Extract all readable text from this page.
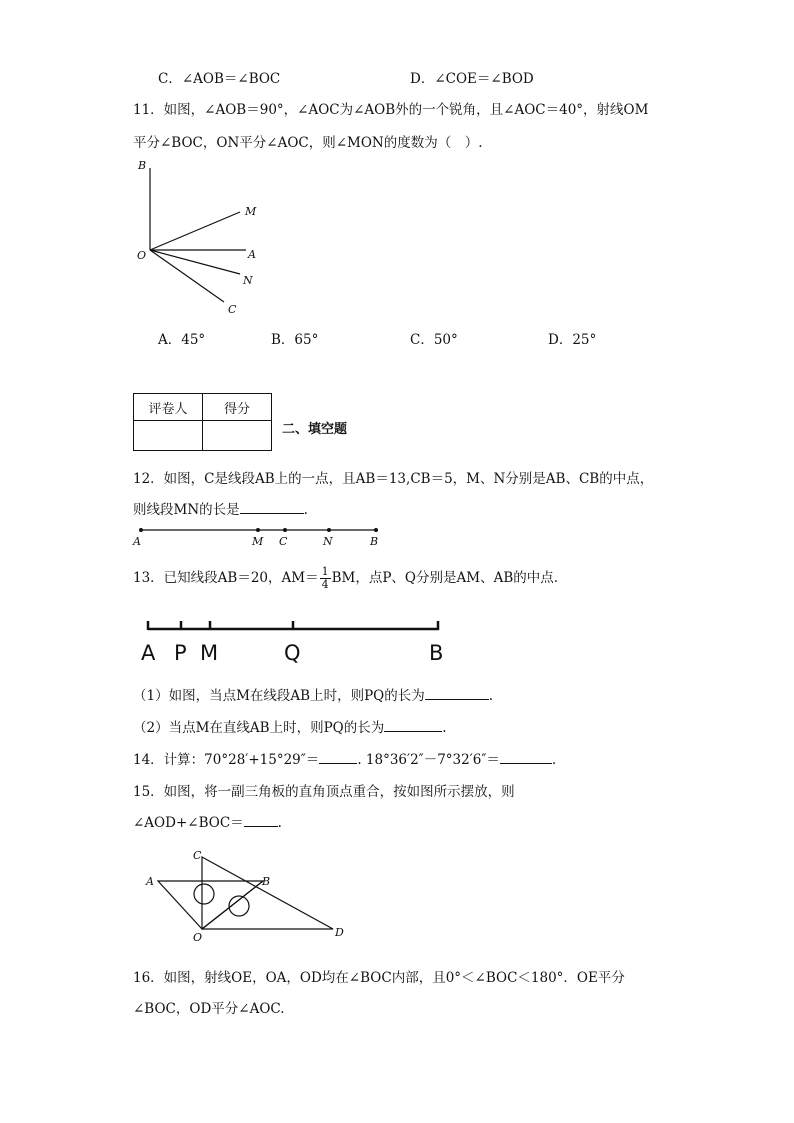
C．∠AOB＝∠BOC	D．∠COE＝∠BOD
11．如图，∠AOB＝90°，∠AOC为∠AOB外的一个锐角，且∠AOC＝40°，射线OM
平分∠BOC，ON平分∠AOC，则∠MON的度数为（　）.
B
M
O	A
N
C
A．45°	B．65°	C．50°	D．25°
评卷人	得分

二、填空题
12．如图，C是线段AB上的一点，且AB＝13,CB＝5，M、N分别是AB、CB的中点，
则线段MN的长是	.
A	M C	N	B
13．已知线段AB＝20，$AM= \frac{1}{4}$ BM，点P、Q分别是AM、AB的中点.
A P M	Q	B
（1）如图，当点M在线段AB上时，则PQ的长为	.
（2）当点M在直线AB上时，则PQ的长为	.
14．计算：70°28′+15°29″＝	. 18°36′2″－7°32′6″＝	.
15．如图，将一副三角板的直角顶点重合，按如图所示摆放，则
∠AOD+∠BOC＝	.
C
A	B
O	D
16．如图，射线OE，OA，OD均在∠BOC内部，且0°＜∠BOC＜180°．OE平分
∠BOC，OD平分∠AOC.
